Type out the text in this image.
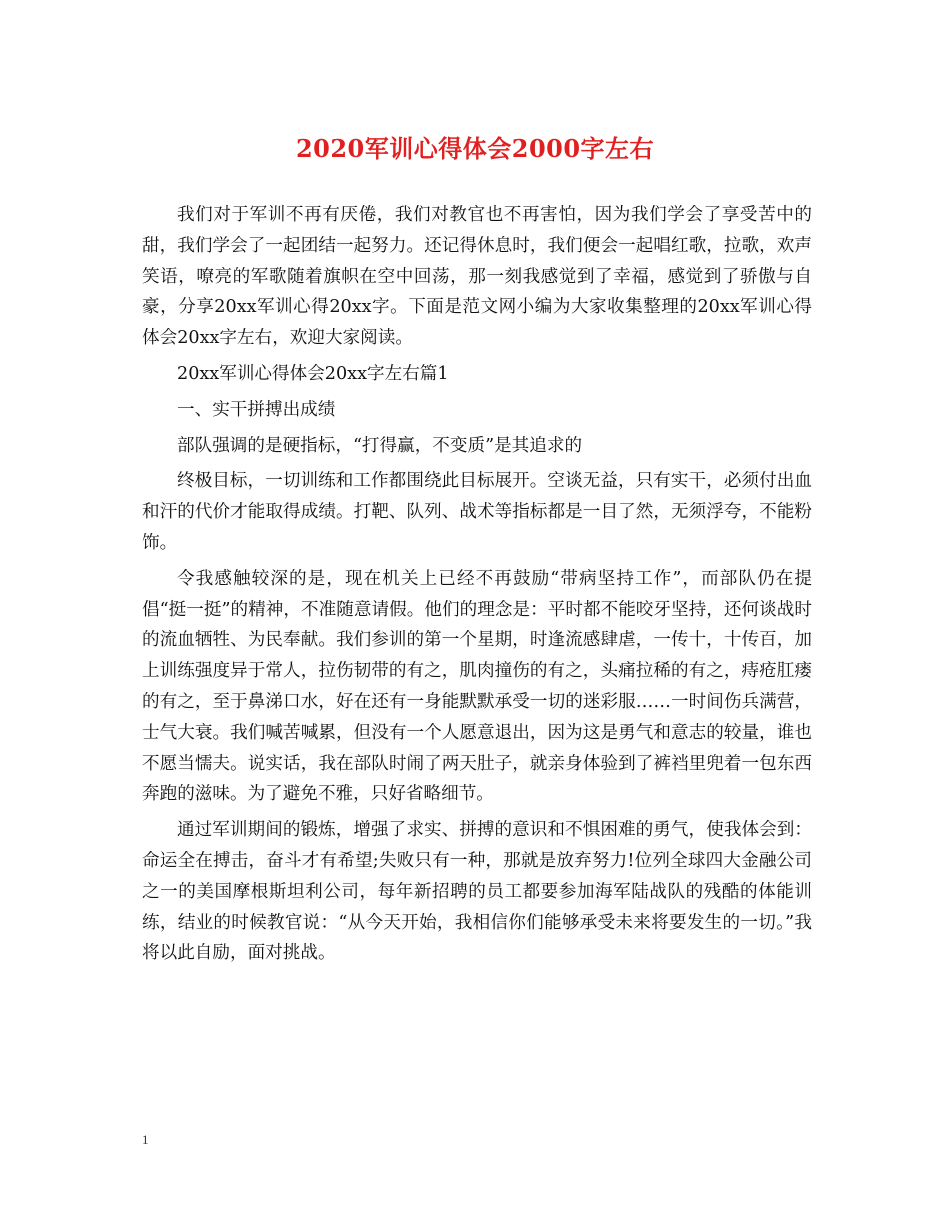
2020军训心得体会2000字左右

我们对于军训不再有厌倦，我们对教官也不再害怕，因为我们学会了享受苦中的甜，我们学会了一起团结一起努力。还记得休息时，我们便会一起唱红歌，拉歌，欢声笑语，嘹亮的军歌随着旗帜在空中回荡，那一刻我感觉到了幸福，感觉到了骄傲与自豪，分享20xx军训心得20xx字。下面是范文网小编为大家收集整理的20xx军训心得体会20xx字左右，欢迎大家阅读。

20xx军训心得体会20xx字左右篇1

一、实干拼搏出成绩

部队强调的是硬指标，“打得赢，不变质”是其追求的

终极目标，一切训练和工作都围绕此目标展开。空谈无益，只有实干，必须付出血和汗的代价才能取得成绩。打靶、队列、战术等指标都是一目了然，无须浮夸，不能粉饰。

令我感触较深的是，现在机关上已经不再鼓励“带病坚持工作”，而部队仍在提倡“挺一挺”的精神，不准随意请假。他们的理念是：平时都不能咬牙坚持，还何谈战时的流血牺牲、为民奉献。我们参训的第一个星期，时逢流感肆虐，一传十，十传百，加上训练强度异于常人，拉伤韧带的有之，肌肉撞伤的有之，头痛拉稀的有之，痔疮肛瘘的有之，至于鼻涕口水，好在还有一身能默默承受一切的迷彩服……一时间伤兵满营，士气大衰。我们喊苦喊累，但没有一个人愿意退出，因为这是勇气和意志的较量，谁也不愿当懦夫。说实话，我在部队时闹了两天肚子，就亲身体验到了裤裆里兜着一包东西奔跑的滋味。为了避免不雅，只好省略细节。

通过军训期间的锻炼，增强了求实、拼搏的意识和不惧困难的勇气，使我体会到：命运全在搏击，奋斗才有希望;失败只有一种，那就是放弃努力!位列全球四大金融公司之一的美国摩根斯坦利公司，每年新招聘的员工都要参加海军陆战队的残酷的体能训练，结业的时候教官说：“从今天开始，我相信你们能够承受未来将要发生的一切。”我将以此自励，面对挑战。

1
